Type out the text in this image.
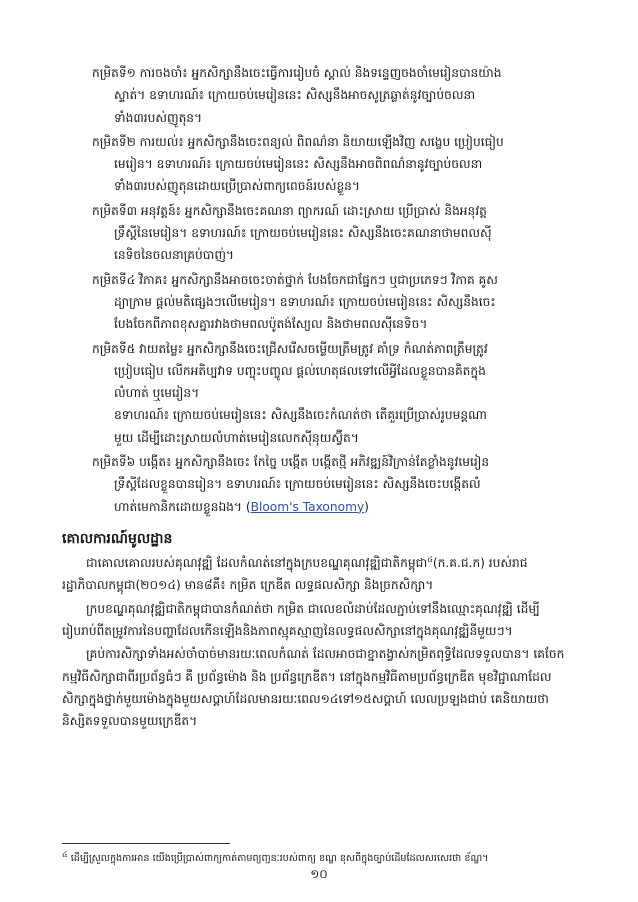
កម្រិតទី១ ការចងចាំ៖ អ្នកសិក្សានឹងចេះធ្វើការរៀបចំ ស្គាល់ និងទន្ទេញចងចាំមេរៀនបានយ៉ាង

ស្ទាត់។ ឧទាហរណ៍៖ ក្រោយចប់មេរៀននេះ សិស្សនឹងអាចសូត្រឆ្លាត់នូវច្បាប់ចលនា

ទាំង៣របស់ញូតុន។

កម្រិតទី២ ការយល់៖ អ្នកសិក្សានឹងចេះពន្យល់ ពិពណ៌នា និយាយឡើងវិញ សង្ខេប ប្រៀបធៀប

មេរៀន។ ឧទាហរណ៍៖ ក្រោយចប់មេរៀននេះ សិស្សនឹងអាចពិពណ៌នានូវច្បាប់ចលនា

ទាំង៣របស់ញូតុនដោយប្រើប្រាស់ពាក្យពេចន៍របស់ខ្លួន។

កម្រិតទី៣ អនុវត្តន៍៖ អ្នកសិក្សានឹងចេះគណនា ព្យាករណ៍ ដោះស្រាយ ប្រើប្រាស់ និងអនុវត្ត

ទ្រឹស្តីនៃមេរៀន។ ឧទាហរណ៍៖ ក្រោយចប់មេរៀននេះ សិស្សនឹងចេះគណនាថាមពលស៊ី

នេទិចនៃចលនាគ្រប់បាញ់។

កម្រិតទី៤ វិភាគ៖ អ្នកសិក្សានឹងអាចចេះចាត់ថ្នាក់ បែងចែកជាផ្នែកៗ ឬជាប្រភេទៗ វិភាគ គូស

ដ្យាក្រាម ផ្តល់មតិផ្សេងៗលើមេរៀន។ ឧទាហរណ៍៖ ក្រោយចប់មេរៀននេះ សិស្សនឹងចេះ

បែងចែកពីភាពខុសគ្នារវាងថាមពលប៉ូតង់ស្យែល និងថាមពលស៊ីនេទិច។

កម្រិតទី៥ វាយតម្លៃ៖ អ្នកសិក្សានឹងចេះជ្រើសរើសចម្លើយត្រឹមត្រូវ គាំទ្រ កំណត់ភាពត្រឹមត្រូវ

ប្រៀបធៀប លើកអតិប្បវាទ បញ្ចុះបញ្ចូល ផ្តល់ហេតុផលទៅលើអ្វីដែលខ្លួនបានគិតក្នុង

លំហាត់ ឬមេរៀន។

ឧទាហរណ៍៖ ក្រោយចប់មេរៀននេះ សិស្សនឹងចេះកំណត់ថា តើគួរប្រើប្រាស់រូបមន្តណា

មួយ ដើម្បីដោះស្រាយលំហាត់មេរៀនលេកស៊ីនុយស្វ៊ីត។

កម្រិតទី៦ បង្កើត៖ អ្នកសិក្សានឹងចេះ កែច្នៃ បង្កើត បង្កើតថ្មី អភិវឌ្ឍន៍វិក្រាន់តែខ្លាំងនូវមេរៀន

ទ្រឹស្តីដែលខ្លួនបានរៀន។ ឧទាហរណ៍៖ ក្រោយចប់មេរៀននេះ សិស្សនឹងចេះបង្កើតលំ

ហាត់មេកានិកដោយខ្លួនឯង។ (Bloom's Taxonomy)

គោលការណ៍មូលដ្ឋាន

ជាគោលគោលរបស់គុណវុឌ្ឍិ ដែលកំណត់នៅក្នុងក្របខណ្ឌគុណវុឌ្ឍិជាតិកម្ពុជា$^៤$(ក.គ.ជ.ក) របស់រាជរដ្ឋាភិបាលកម្ពុជា(២០១៤) មាន៨គឺ៖ កម្រិត ក្រេឌីត លទ្ធផលសិក្សា និងច្រកសិក្សា។

ក្របខណ្ឌគុណវុឌ្ឍិជាតិកម្ពុជាបានកំណត់ថា កម្រិត ជាលេខលំដាប់ដែលភ្ជាប់ទៅនឹងឈ្មោះគុណវុឌ្ឍិ ដើម្បីរៀបរាប់ពីតម្រូវការនៃបញ្ហាដែលកើនឡើងនិងភាពស្មុគស្មាញនៃលទ្ធផលសិក្សានៅក្នុងគុណវុឌ្ឍិនីមួយៗ។

គ្រប់ការសិក្សាទាំងអស់ចាំបាច់មានរយៈពេលកំណត់ ដែលអាចជាខ្នាតង្វាស់កម្រិតពុទ្ធិដែលទទួលបាន។ គេចែកកម្មវិធីសិក្សាជាពីរប្រព័ន្ធធំៗ គឺ ប្រព័ន្ធម៉ោង និង ប្រព័ន្ធក្រេឌីត។ នៅក្នុងកម្មវិធីតាមប្រព័ន្ធក្រេឌីត មុខវិជ្ជាណាដែលសិក្សាក្នុងថ្នាក់មួយម៉ោងក្នុងមួយសប្តាហ៍ដែលមានរយៈពេល១៤ទៅ១៥សប្តាហ៍ លេលប្រឡងជាប់ គេនិយាយថា និស្សិតទទួលបានមួយក្រេឌីត។

$^៤$ ដើម្បីស្រួលក្នុងការអាន យើងប្រើប្រាស់ពាក្យកាត់តាមព្យញ្ជនៈរបស់ពាក្យ ខណ្ឌ ខុសពីក្នុងច្បាប់ដើមដែលសរសេរថា ខ័ណ្ឌ។
១០
